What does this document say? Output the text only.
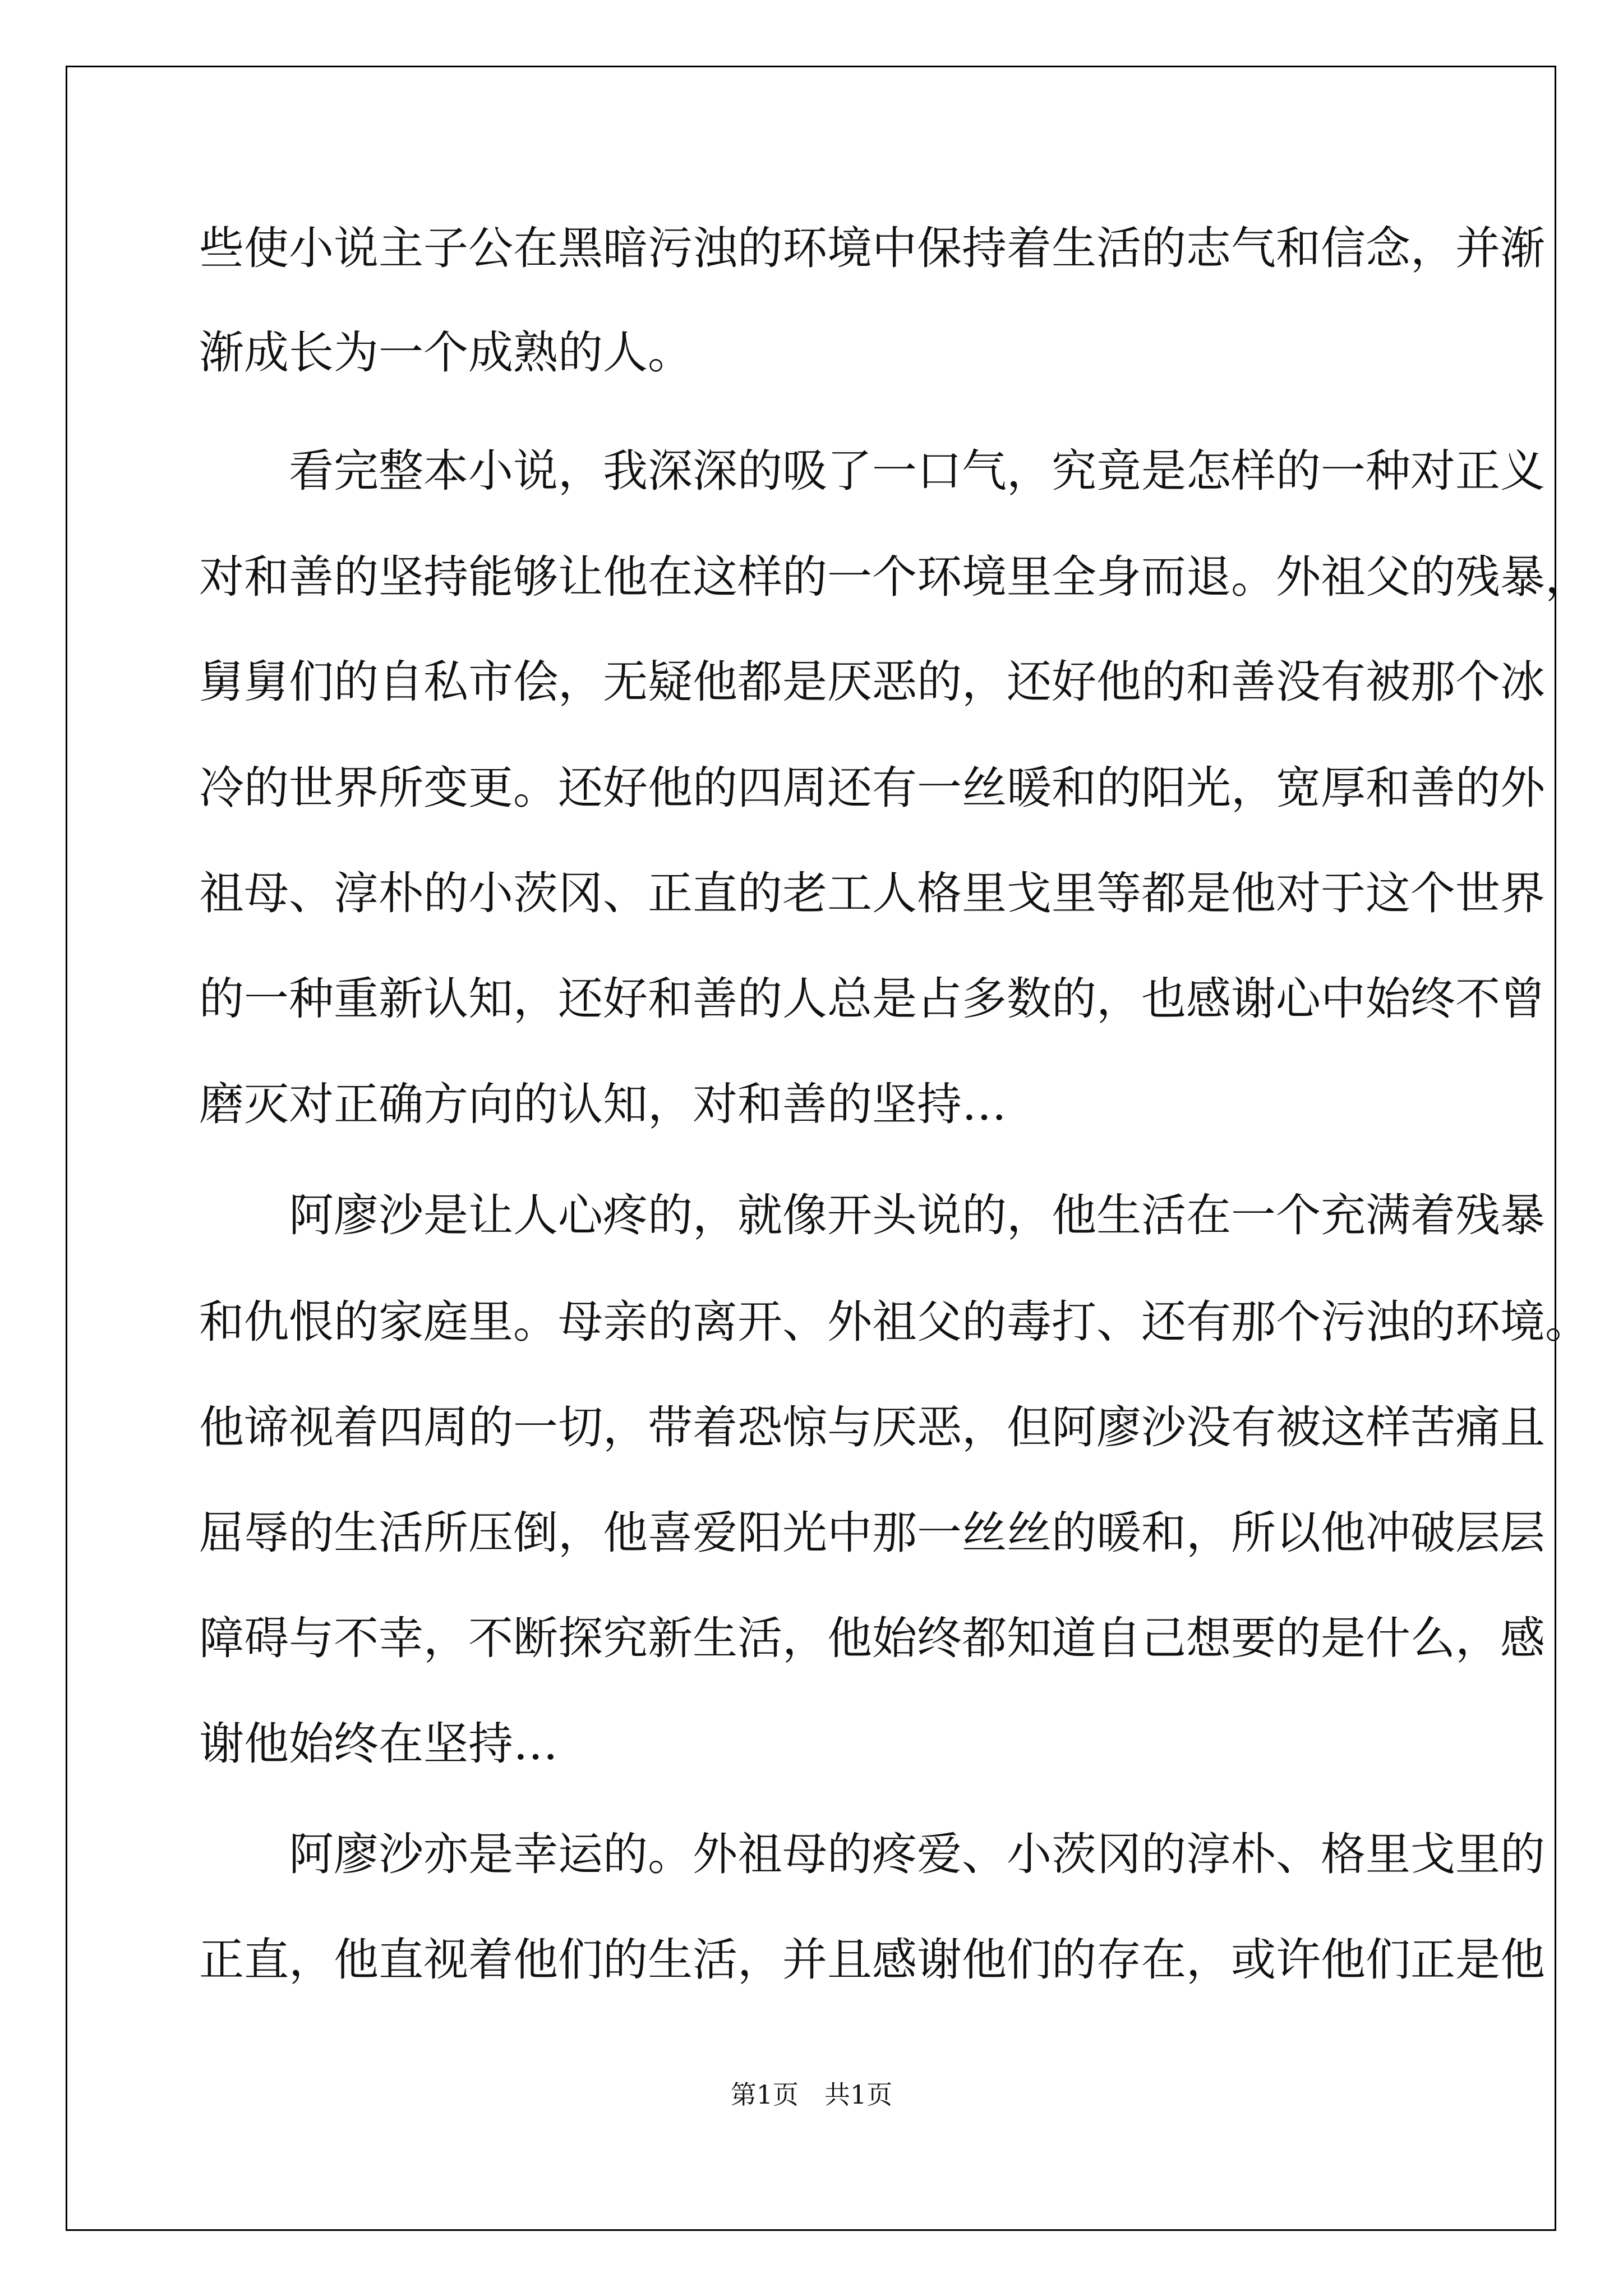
些使小说主子公在黑暗污浊的环境中保持着生活的志气和信念，并渐

渐成长为一个成熟的人。

　　看完整本小说，我深深的吸了一口气，究竟是怎样的一种对正义

对和善的坚持能够让他在这样的一个环境里全身而退。外祖父的残暴，

舅舅们的自私市侩，无疑他都是厌恶的，还好他的和善没有被那个冰

冷的世界所变更。还好他的四周还有一丝暖和的阳光，宽厚和善的外

祖母、淳朴的小茨冈、正直的老工人格里戈里等都是他对于这个世界

的一种重新认知，还好和善的人总是占多数的，也感谢心中始终不曾

磨灭对正确方向的认知，对和善的坚持…

　　阿廖沙是让人心疼的，就像开头说的，他生活在一个充满着残暴

和仇恨的家庭里。母亲的离开、外祖父的毒打、还有那个污浊的环境。

他谛视着四周的一切，带着恐惊与厌恶，但阿廖沙没有被这样苦痛且

屈辱的生活所压倒，他喜爱阳光中那一丝丝的暖和，所以他冲破层层

障碍与不幸，不断探究新生活，他始终都知道自己想要的是什么，感

谢他始终在坚持…

　　阿廖沙亦是幸运的。外祖母的疼爱、小茨冈的淳朴、格里戈里的

正直，他直视着他们的生活，并且感谢他们的存在，或许他们正是他

第1页　共1页
